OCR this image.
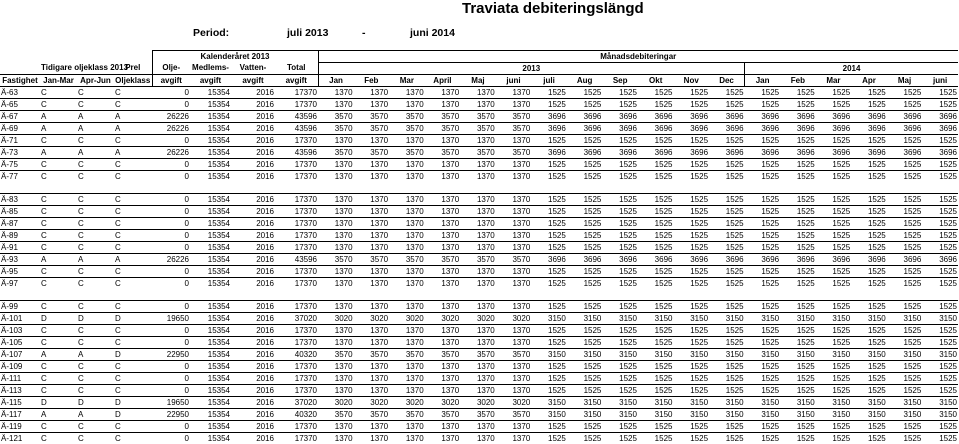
Traviata debiteringslängd
Period:	juli 2013	-	juni 2014
				Kalenderåret 2013				Månadsdebiteringar																	
	Tidigare oljeklass 2013		Prel	Olje-	Medlems-	Vatten-	Total	2013												2014					
Fastighet	Jan-Mar	Apr-Jun	Oljeklass	avgift	avgift	avgift	avgift	Jan	Feb	Mar	April	Maj	juni	juli	Aug	Sep	Okt	Nov	Dec	Jan	Feb	Mar	Apr	Maj	juni
Ä-63	C	C	C	0	15354	2016	17370	1370	1370	1370	1370	1370	1370	1525	1525	1525	1525	1525	1525	1525	1525	1525	1525	1525	1525
Ä-65	C	C	C	0	15354	2016	17370	1370	1370	1370	1370	1370	1370	1525	1525	1525	1525	1525	1525	1525	1525	1525	1525	1525	1525
Ä-67	A	A	A	26226	15354	2016	43596	3570	3570	3570	3570	3570	3570	3696	3696	3696	3696	3696	3696	3696	3696	3696	3696	3696	3696
Ä-69	A	A	A	26226	15354	2016	43596	3570	3570	3570	3570	3570	3570	3696	3696	3696	3696	3696	3696	3696	3696	3696	3696	3696	3696
Ä-71	C	C	C	0	15354	2016	17370	1370	1370	1370	1370	1370	1370	1525	1525	1525	1525	1525	1525	1525	1525	1525	1525	1525	1525
Ä-73	A	A	A	26226	15354	2016	43596	3570	3570	3570	3570	3570	3570	3696	3696	3696	3696	3696	3696	3696	3696	3696	3696	3696	3696
Ä-75	C	C	C	0	15354	2016	17370	1370	1370	1370	1370	1370	1370	1525	1525	1525	1525	1525	1525	1525	1525	1525	1525	1525	1525
Ä-77	C	C	C	0	15354	2016	17370	1370	1370	1370	1370	1370	1370	1525	1525	1525	1525	1525	1525	1525	1525	1525	1525	1525	1525

Ä-83	C	C	C	0	15354	2016	17370	1370	1370	1370	1370	1370	1370	1525	1525	1525	1525	1525	1525	1525	1525	1525	1525	1525	1525
Ä-85	C	C	C	0	15354	2016	17370	1370	1370	1370	1370	1370	1370	1525	1525	1525	1525	1525	1525	1525	1525	1525	1525	1525	1525
Ä-87	C	C	C	0	15354	2016	17370	1370	1370	1370	1370	1370	1370	1525	1525	1525	1525	1525	1525	1525	1525	1525	1525	1525	1525
Ä-89	C	C	C	0	15354	2016	17370	1370	1370	1370	1370	1370	1370	1525	1525	1525	1525	1525	1525	1525	1525	1525	1525	1525	1525
Ä-91	C	C	C	0	15354	2016	17370	1370	1370	1370	1370	1370	1370	1525	1525	1525	1525	1525	1525	1525	1525	1525	1525	1525	1525
Ä-93	A	A	A	26226	15354	2016	43596	3570	3570	3570	3570	3570	3570	3696	3696	3696	3696	3696	3696	3696	3696	3696	3696	3696	3696
Ä-95	C	C	C	0	15354	2016	17370	1370	1370	1370	1370	1370	1370	1525	1525	1525	1525	1525	1525	1525	1525	1525	1525	1525	1525
Ä-97	C	C	C	0	15354	2016	17370	1370	1370	1370	1370	1370	1370	1525	1525	1525	1525	1525	1525	1525	1525	1525	1525	1525	1525

Ä-99	C	C	C	0	15354	2016	17370	1370	1370	1370	1370	1370	1370	1525	1525	1525	1525	1525	1525	1525	1525	1525	1525	1525	1525
Ä-101	D	D	D	19650	15354	2016	37020	3020	3020	3020	3020	3020	3020	3150	3150	3150	3150	3150	3150	3150	3150	3150	3150	3150	3150
Ä-103	C	C	C	0	15354	2016	17370	1370	1370	1370	1370	1370	1370	1525	1525	1525	1525	1525	1525	1525	1525	1525	1525	1525	1525
Ä-105	C	C	C	0	15354	2016	17370	1370	1370	1370	1370	1370	1370	1525	1525	1525	1525	1525	1525	1525	1525	1525	1525	1525	1525
Ä-107	A	A	D	22950	15354	2016	40320	3570	3570	3570	3570	3570	3570	3150	3150	3150	3150	3150	3150	3150	3150	3150	3150	3150	3150
Ä-109	C	C	C	0	15354	2016	17370	1370	1370	1370	1370	1370	1370	1525	1525	1525	1525	1525	1525	1525	1525	1525	1525	1525	1525
Ä-111	C	C	C	0	15354	2016	17370	1370	1370	1370	1370	1370	1370	1525	1525	1525	1525	1525	1525	1525	1525	1525	1525	1525	1525
Ä-113	C	C	C	0	15354	2016	17370	1370	1370	1370	1370	1370	1370	1525	1525	1525	1525	1525	1525	1525	1525	1525	1525	1525	1525
Ä-115	D	D	D	19650	15354	2016	37020	3020	3020	3020	3020	3020	3020	3150	3150	3150	3150	3150	3150	3150	3150	3150	3150	3150	3150
Ä-117	A	A	D	22950	15354	2016	40320	3570	3570	3570	3570	3570	3570	3150	3150	3150	3150	3150	3150	3150	3150	3150	3150	3150	3150
Ä-119	C	C	C	0	15354	2016	17370	1370	1370	1370	1370	1370	1370	1525	1525	1525	1525	1525	1525	1525	1525	1525	1525	1525	1525
Ä-121	C	C	C	0	15354	2016	17370	1370	1370	1370	1370	1370	1370	1525	1525	1525	1525	1525	1525	1525	1525	1525	1525	1525	1525
